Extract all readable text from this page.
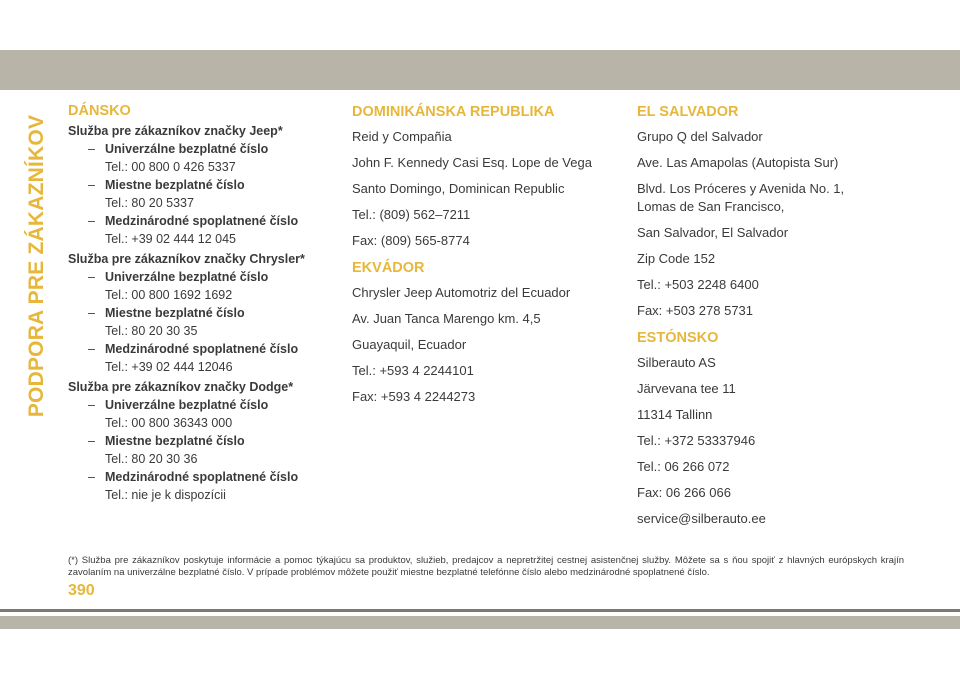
PODPORA PRE ZÁKAZNÍKOV
DÁNSKO
Služba pre zákazníkov značky Jeep*
– Univerzálne bezplatné číslo
Tel.: 00 800 0 426 5337
– Miestne bezplatné číslo
Tel.: 80 20 5337
– Medzinárodné spoplatnené číslo
Tel.: +39 02 444 12 045
Služba pre zákazníkov značky Chrysler*
– Univerzálne bezplatné číslo
Tel.: 00 800 1692 1692
– Miestne bezplatné číslo
Tel.: 80 20 30 35
– Medzinárodné spoplatnené číslo
Tel.: +39 02 444 12046
Služba pre zákazníkov značky Dodge*
– Univerzálne bezplatné číslo
Tel.: 00 800 36343 000
– Miestne bezplatné číslo
Tel.: 80 20 30 36
– Medzinárodné spoplatnené číslo
Tel.: nie je k dispozícii
DOMINIKÁNSKA REPUBLIKA
Reid y Compañia
John F. Kennedy Casi Esq. Lope de Vega
Santo Domingo, Dominican Republic
Tel.: (809) 562–7211
Fax: (809) 565-8774
EKVÁDOR
Chrysler Jeep Automotriz del Ecuador
Av. Juan Tanca Marengo km. 4,5
Guayaquil, Ecuador
Tel.: +593 4 2244101
Fax: +593 4 2244273
EL SALVADOR
Grupo Q del Salvador
Ave. Las Amapolas (Autopista Sur)
Blvd. Los Próceres y Avenida No. 1, Lomas de San Francisco,
San Salvador, El Salvador
Zip Code 152
Tel.: +503 2248 6400
Fax: +503 278 5731
ESTÓNSKO
Silberauto AS
Järvevana tee 11
11314 Tallinn
Tel.: +372 53337946
Tel.: 06 266 072
Fax: 06 266 066
service@silberauto.ee
(*) Služba pre zákazníkov poskytuje informácie a pomoc týkajúcu sa produktov, služieb, predajcov a nepretržitej cestnej asistenčnej služby. Môžete sa s ňou spojiť z hlavných európskych krajín zavolaním na univerzálne bezplatné číslo. V prípade problémov môžete použiť miestne bezplatné telefónne číslo alebo medzinárodné spoplatnené číslo.
390
